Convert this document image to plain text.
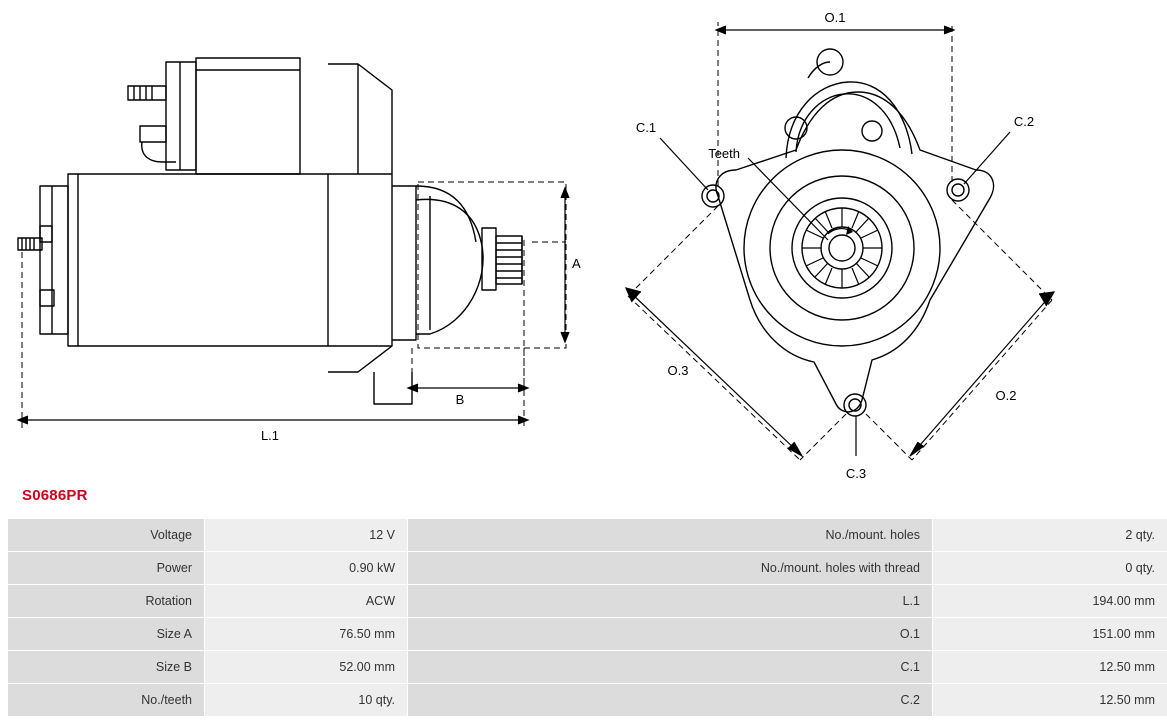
A
B
L.1
O.1
O.3
O.2
C.1	C.2
C.3
Teeth
S0686PR
Voltage	12 V	No./mount. holes	2 qty.
Power	0.90 kW	No./mount. holes with thread	0 qty.
Rotation	ACW	L.1	194.00 mm
Size A	76.50 mm	O.1	151.00 mm
Size B	52.00 mm	C.1	12.50 mm
No./teeth	10 qty.	C.2	12.50 mm
